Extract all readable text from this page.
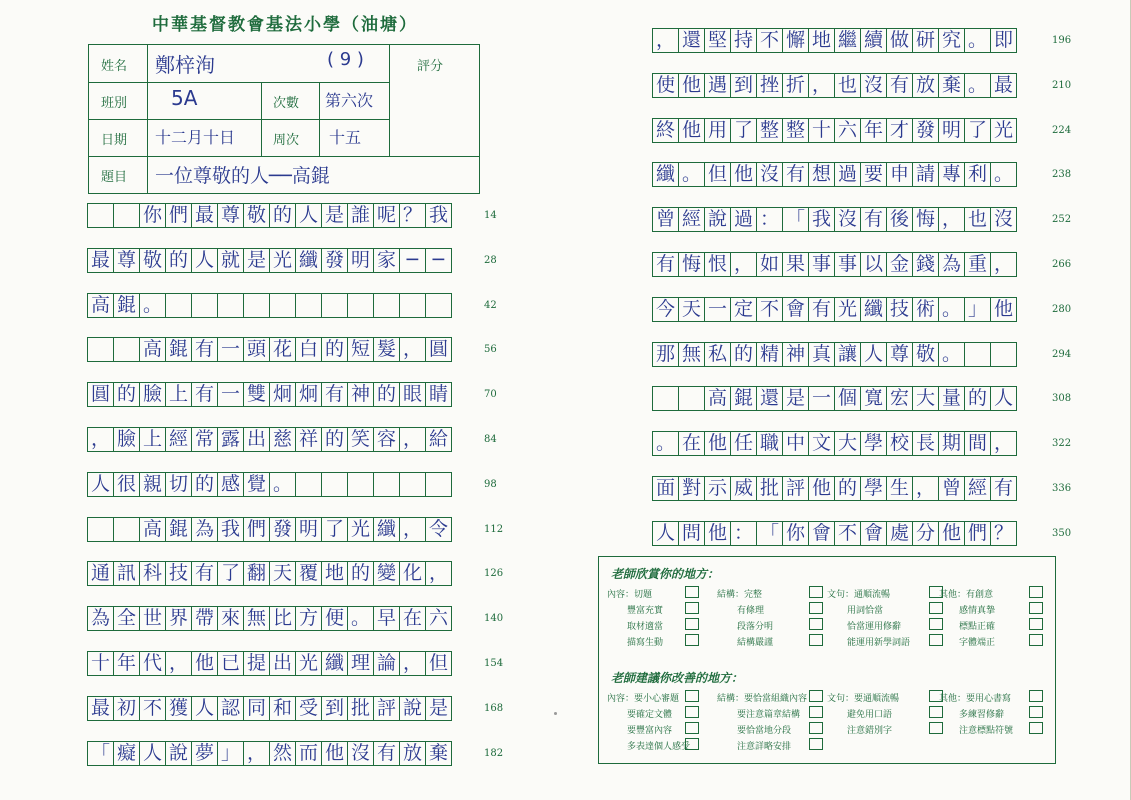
中華基督教會基法小學（油塘）
姓名 鄭梓洵	( 9 )	評分
班別 5A	次數 第六次
日期 十二月十日	周次 十五
題目 一位尊敬的人──高錕
老師欣賞你的地方：
老師建議你改善的地方：
內容：切題	結構：完整	文句：通順流暢	其他：有創意
豐富充實	有條理	用詞恰當	感情真摯
取材適當	段落分明	恰當運用修辭	標點正確
描寫生動	結構嚴謹	能運用新學詞語	字體端正
內容：要小心審題	結構：要恰當組織內容 文句：要通順流暢	其他：要用心書寫
要確定文體	要注意篇章結構	避免用口語	多練習修辭
要豐富內容	要恰當地分段	注意錯別字	注意標點符號
多表達個人感受	注意詳略安排
你 們 最 尊 敬 的 人 是 誰 呢 ？ 我	14
最 尊 敬 的 人 就 是 光 纖 發 明 家 ─ ─	28
高 錕 。	42
高 錕 有 一 頭 花 白 的 短 髮 ， 圓	56
圓 的 臉 上 有 一 雙 炯 炯 有 神 的 眼 睛	70
， 臉 上 經 常 露 出 慈 祥 的 笑 容 ， 給	84
人 很 親 切 的 感 覺 。	98
高 錕 為 我 們 發 明 了 光 纖 ， 令	112
通 訊 科 技 有 了 翻 天 覆 地 的 變 化 ，	126
為 全 世 界 帶 來 無 比 方 便 。 早 在 六	140
十 年 代 ， 他 已 提 出 光 纖 理 論 ， 但	154
最 初 不 獲 人 認 同 和 受 到 批 評 說 是	168
「 癡 人 說 夢 」 ， 然 而 他 沒 有 放 棄	182
， 還 堅 持 不 懈 地 繼 續 做 研 究 。 即	196
使 他 遇 到 挫 折 ， 也 沒 有 放 棄 。 最	210
終 他 用 了 整 整 十 六 年 才 發 明 了 光	224
纖 。 但 他 沒 有 想 過 要 申 請 專 利 。	238
曾 經 說 過 ： 「 我 沒 有 後 悔 ， 也 沒	252
有 悔 恨 ， 如 果 事 事 以 金 錢 為 重 ，	266
今 天 一 定 不 會 有 光 纖 技 術 。 」 他	280
那 無 私 的 精 神 真 讓 人 尊 敬 。	294
高 錕 還 是 一 個 寬 宏 大 量 的 人	308
。 在 他 任 職 中 文 大 學 校 長 期 間 ，	322
面 對 示 威 批 評 他 的 學 生 ， 曾 經 有	336
人 問 他 ： 「 你 會 不 會 處 分 他 們 ？	350
